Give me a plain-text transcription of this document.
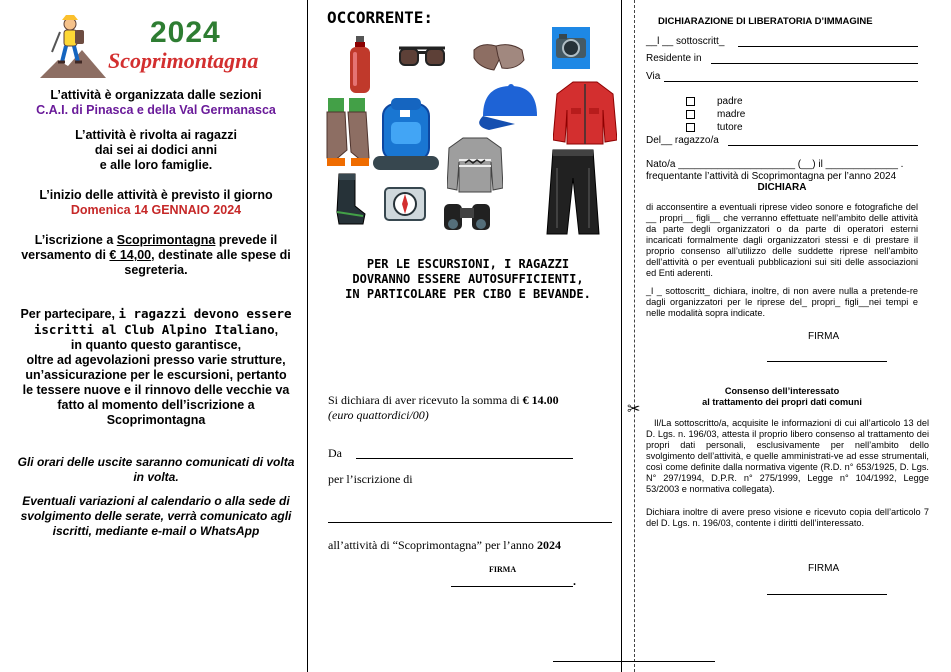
✂
2024
Scoprimontagna
L’attività è organizzata dalle sezioni
C.A.I. di Pinasca e della Val Germanasca
L’attività è rivolta ai ragazzi
dai sei ai dodici anni
e alle loro famiglie.
L’inizio delle attività è previsto il giorno
Domenica 14 GENNAIO 2024
L’iscrizione a Scoprimontagna prevede il
versamento di € 14,00, destinate alle spese di
segreteria.
Per partecipare, i ragazzi devono essere
iscritti al Club Alpino Italiano,
in quanto questo garantisce,
oltre ad agevolazioni presso varie strutture,
un’assicurazione per le escursioni, pertanto
le tessere nuove e il rinnovo delle vecchie va
fatto al momento dell’iscrizione a
Scoprimontagna
Gli orari delle uscite saranno comunicati di volta
in volta.
Eventuali variazioni al calendario o alla sede di
svolgimento delle serate, verrà comunicato agli
iscritti, mediante e-mail o WhatsApp
OCCORRENTE:
PER LE ESCURSIONI, I RAGAZZI
DOVRANNO ESSERE AUTOSUFFICIENTI,
IN PARTICOLARE PER CIBO E BEVANDE.
Si dichiara di aver ricevuto la somma di € 14.00
(euro quattordici/00)
Da
per l’iscrizione di
all’attività di “Scoprimontagna” per l’anno 2024
FIRMA
.
DICHIARAZIONE DI LIBERATORIA D’IMMAGINE
__l __ sottoscritt_
Residente in
Via
padre
madre
tutore
Del__ ragazzo/a
Nato/a _____________________ (__) il _____________ .
frequentante l’attività di Scoprimontagna per l’anno 2024
DICHIARA
di acconsentire a eventuali riprese video sonore e fotografiche del __ propri__ figli__ che verranno effettuate nell’ambito delle attività da parte degli organizzatori o da parte di operatori esterni incaricati formalmente dagli organizzatori stessi e di prestare il proprio consenso all’utilizzo delle suddette riprese nell’ambito dell’attività o per eventuali pubblicazioni sui siti delle associazioni ed Enti aderenti.
_l _ sottoscritt_ dichiara, inoltre, di non avere nulla a pretende-re dagli organizzatori per le riprese del_ propri_ figli__nei tempi e nelle modalità sopra indicate.
FIRMA
Consenso dell’interessato
al trattamento dei propri dati comuni
Il/La sottoscritto/a, acquisite le informazioni di cui all’articolo 13 del D. Lgs. n. 196/03, attesta il proprio libero consenso al trattamento dei propri dati personali, esclusivamente per nell’ambito dello svolgimento dell’attività, e quelle amministrati-ve ad esse strumentali, così come definite dalla normativa vigente (R.D. n° 653/1925, D. Lgs. N° 297/1994, D.P.R. n° 275/1999, Legge n° 104/1992, Legge 53/2003 e normativa collegata).
Dichiara inoltre di avere preso visione e ricevuto copia dell’articolo 7 del D. Lgs. n. 196/03, contente i diritti dell’interessato.
FIRMA
